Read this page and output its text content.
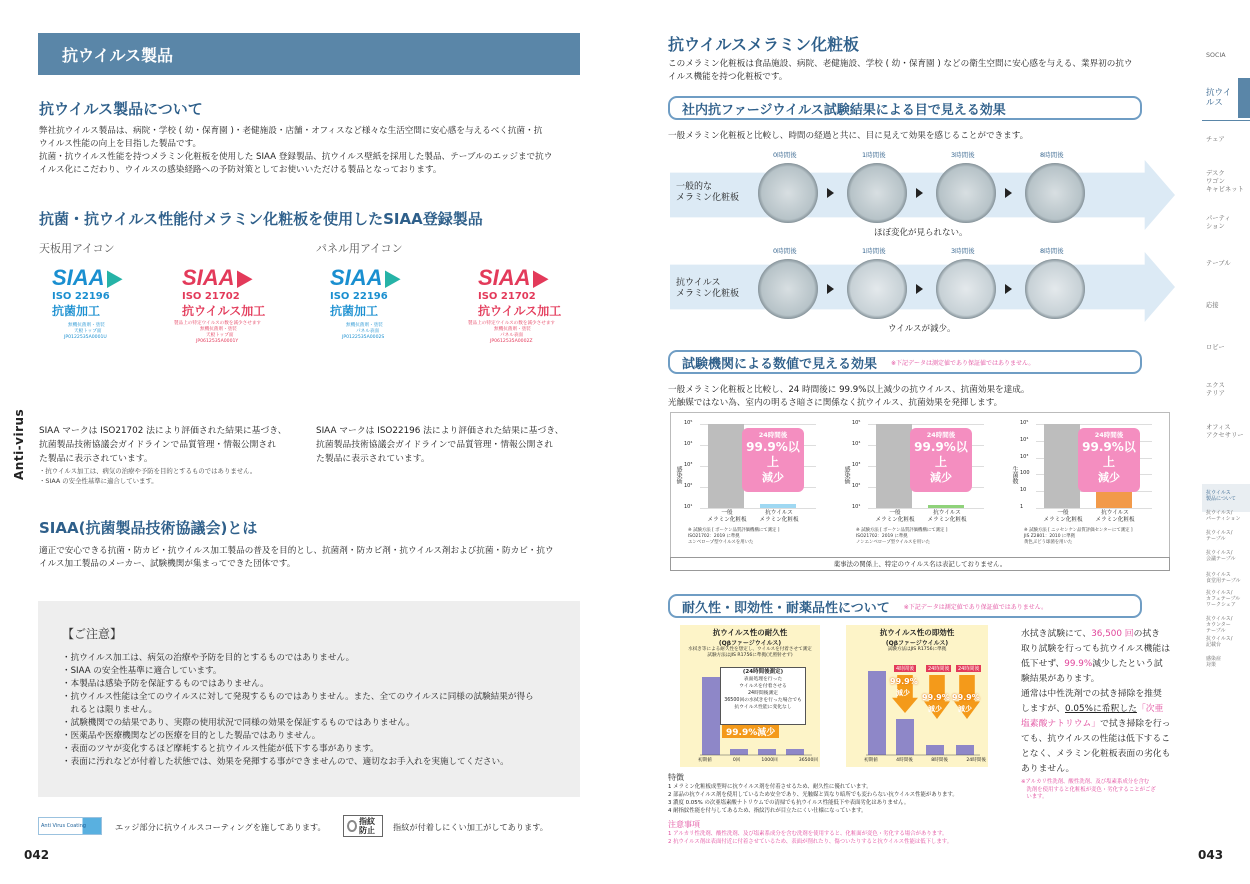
抗ウイルス製品
抗ウイルス製品について
弊社抗ウイルス製品は、病院・学校 ( 幼・保育園 )・老健施設・店舗・オフィスなど様々な生活空間に安心感を与えるべく抗菌・抗
ウイルス性能の向上を目指した製品です。
抗菌・抗ウイルス性能を持つメラミン化粧板を使用した SIAA 登録製品、抗ウイルス壁紙を採用した製品、テーブルのエッジまで抗ウ
イルス化にこだわり、ウイルスの感染経路への予防対策としてお使いいただける製品となっております。
抗菌・抗ウイルス性能付メラミン化粧板を使用したSIAA登録製品
天板用アイコン	パネル用アイコン
SIAA
ISO 22196
抗菌加工
無機抗菌剤・塗装
天板トップ面
JP0122535A0001U
SIAA
ISO 21702
抗ウイルス加工
製品上の特定ウイルスの数を減少させます
無機抗菌剤・塗装
天板トップ面
JP0612535A0001Y
SIAA
ISO 22196
抗菌加工
無機抗菌剤・塗装
パネル表面
JP0122535A0002S
SIAA
ISO 21702
抗ウイルス加工
製品上の特定ウイルスの数を減少させます
無機抗菌剤・塗装
パネル表面
JP0612535A0002Z
SIAA マークは ISO21702 法により評価された結果に基づき、
抗菌製品技術協議会ガイドラインで品質管理・情報公開され
た製品に表示されています。
・抗ウイルス加工は、病気の治療や予防を目的とするものではありません。
・SIAA の安全性基準に適合しています。
SIAA マークは ISO22196 法により評価された結果に基づき、
抗菌製品技術協議会ガイドラインで品質管理・情報公開され
た製品に表示されています。
SIAA(抗菌製品技術協議会)とは
適正で安心できる抗菌・防カビ・抗ウイルス加工製品の普及を目的とし、抗菌剤・防カビ剤・抗ウイルス剤および抗菌・防カビ・抗ウ
イルス加工製品のメーカー、試験機関が集まってできた団体です。
【ご注意】
・抗ウイルス加工は、病気の治療や予防を目的とするものではありません。
・SIAA の安全性基準に適合しています。
・本製品は感染予防を保証するものではありません。
・抗ウイルス性能は全てのウイルスに対して発現するものではありません。また、全てのウイルスに同様の試験結果が得ら
　れるとは限りません。
・試験機関での結果であり、実際の使用状況で同様の効果を保証するものではありません。
・医薬品や医療機関などの医療を目的とした製品ではありません。
・表面のツヤが変化するほど摩耗すると抗ウイルス性能が低下する事があります。
・表面に汚れなどが付着した状態では、効果を発揮する事ができませんので、適切なお手入れを実施してください。
Anti Virus Coating	エッジ部分に抗ウイルスコーティングを施してあります。
指紋防止	指紋が付着しにくい加工がしてあります。
Anti-virus
042
抗ウイルスメラミン化粧板
このメラミン化粧板は食品施設、病院、老健施設、学校 ( 幼・保育園 ) などの衛生空間に安心感を与える、業界初の抗ウ
イルス機能を持つ化粧板です。
社内抗ファージウイルス試験結果による目で見える効果
一般メラミン化粧板と比較し、時間の経過と共に、目に見えて効果を感じることができます。
一般的な
メラミン化粧板
抗ウイルス
メラミン化粧板
0時間後	1時間後	3時間後	8時間後
0時間後	1時間後	3時間後	8時間後
ほぼ変化が見られない。
ウイルスが減少。
試験機関による数値で見える効果 ※下記データは測定値であり保証値ではありません。
一般メラミン化粧板と比較し、24 時間後に 99.9%以上減少の抗ウイルス、抗菌効果を達成。
光触媒ではない為、室内の明るさ暗さに関係なく抗ウイルス、抗菌効果を発揮します。
感染価
10⁵
10⁴
10³
10²
10¹
一般
メラミン化粧板
抗ウイルス
メラミン化粧板
24時間後
99.9%以上
減少
※ 試験方法 [ ボーケン品質評価機構にて測定 ]
ISO21702：2019 に準拠
エンベロープ型ウイルスを用いた
感染価
10⁵
10⁴
10³
10²
10¹
一般
メラミン化粧板
抗ウイルス
メラミン化粧板
24時間後
99.9%以上
減少
※ 試験方法 [ ボーケン品質評価機構にて測定 ]
ISO21702：2019 に準拠
ノンエンベロープ型ウイルスを用いた
生菌数
10⁵
10⁴
10³
100
10
1
一般
メラミン化粧板
抗ウイルス
メラミン化粧板
24時間後
99.9%以上
減少
※ 試験方法 [ ニッセンケン品質評価センターにて測定 ]
JIS Z2801：2010 に準拠
黄色ぶどう球菌を用いた
薬事法の関係上、特定のウイルス名は表記しておりません。
耐久性・即効性・耐薬品性について ※下記データは測定値であり保証値ではありません。
抗ウイルス性の耐久性
(Qβファージウイルス)
水拭き等による耐久性を想定し、ウイルスを付着させて測定
試験方法はJIS R1756に準拠(光照射せず)
(24時間後測定)
表面処理を行った
ウイルスを付着させる
24時間後測定
36500回の水拭きを行った場合でも
抗ウイルス性能に変化なし
99.9%減少
初期値	0回	1000回	36500回
抗ウイルス性の即効性
(Qβファージウイルス)
試験方法はJIS R1756に準拠
4時間後	24時間後	24時間後
99.9%
減少 99.9%
減少
99.9%
減少
初期値	4時間後	8時間後	24時間後
水拭き試験にて、36,500 回の拭き
取り試験を行っても抗ウイルス機能は
低下せず、99.9%減少したという試
験結果があります。
通常は中性洗剤での拭き掃除を推奨
しますが、0.05%に希釈した「次亜
塩素酸ナトリウム」で拭き掃除を行っ
ても、抗ウイルスの性能は低下するこ
となく、メラミン化粧板表面の劣化も
ありません。
※アルカリ性洗剤、酸性洗剤、及び塩素系成分を含む
　洗剤を使用すると化粧板が変色・劣化することがござ
　います。
特徴
1 メラミン化粧板成型時に抗ウイルス剤を付着させるため、耐久性に優れています。
2 部品の抗ウイルス剤を使用しているため安全であり、光触媒と異なり暗所でも変わらない抗ウイルス性能があります。
3 濃度 0.05% の次亜塩素酸ナトリウムでの清掃でも抗ウイルス性能低下や表面劣化はありません。
4 耐指紋性能を付与してあるため、指紋汚れが目立たにくい仕様になっています。
注意事項
1 アルカリ性洗剤、酸性洗剤、及び塩素系成分を含む洗剤を使用すると、化粧面が変色・劣化する場合があります。
2 抗ウイルス剤は表面付近に付着させているため、表面が削れたり、傷ついたりすると抗ウイルス性能は低下します。
043
SOCIA
抗ウイ
ルス
チェア
デスク
ワゴン
キャビネット
パーティ
ション
テーブル
応接
ロビー
エクス
テリア
オフィス
アクセサリー
抗ウイルス
製品について
抗ウイルス/
パーティション
抗ウイルス/
テーブル
抗ウイルス/
会議テーブル
抗ウイルス
食堂用テーブル
抗ウイルス/
カフェテーブル
ワークシェア
抗ウイルス/
カウンター
テーブル
抗ウイルス/
記載台
感染症
対策
